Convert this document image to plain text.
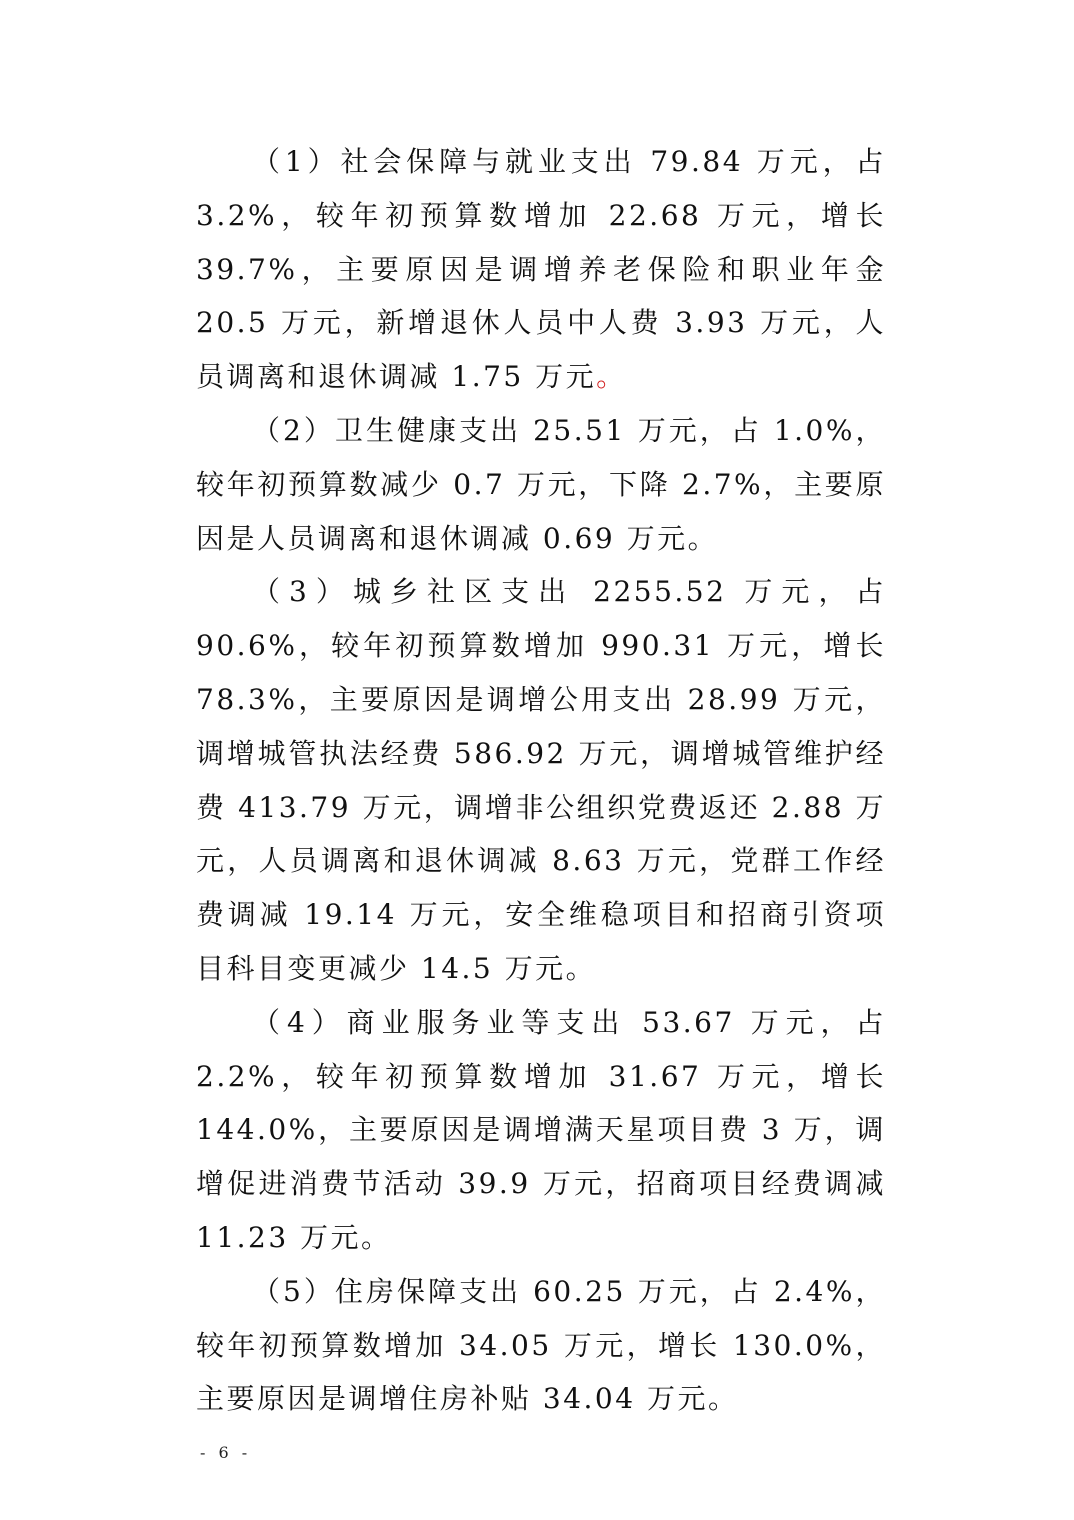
（1）社会保障与就业支出 79.84 万元，占 3.2%，较年初预算数增加 22.68 万元，增长 39.7%，主要原因是调增养老保险和职业年金 20.5 万元，新增退休人员中人费 3.93 万元，人员调离和退休调减 1.75 万元。

（2）卫生健康支出 25.51 万元，占 1.0%，较年初预算数减少 0.7 万元，下降 2.7%，主要原因是人员调离和退休调减 0.69 万元。

（3）城乡社区支出 2255.52 万元，占 90.6%，较年初预算数增加 990.31 万元，增长 78.3%，主要原因是调增公用支出 28.99 万元，调增城管执法经费 586.92 万元，调增城管维护经费 413.79 万元，调增非公组织党费返还 2.88 万元，人员调离和退休调减 8.63 万元，党群工作经费调减 19.14 万元，安全维稳项目和招商引资项目科目变更减少 14.5 万元。

（4）商业服务业等支出 53.67 万元，占 2.2%，较年初预算数增加 31.67 万元，增长 144.0%，主要原因是调增满天星项目费 3 万，调增促进消费节活动 39.9 万元，招商项目经费调减 11.23 万元。

（5）住房保障支出 60.25 万元，占 2.4%，较年初预算数增加 34.05 万元，增长 130.0%，主要原因是调增住房补贴 34.04 万元。

- 6 -
